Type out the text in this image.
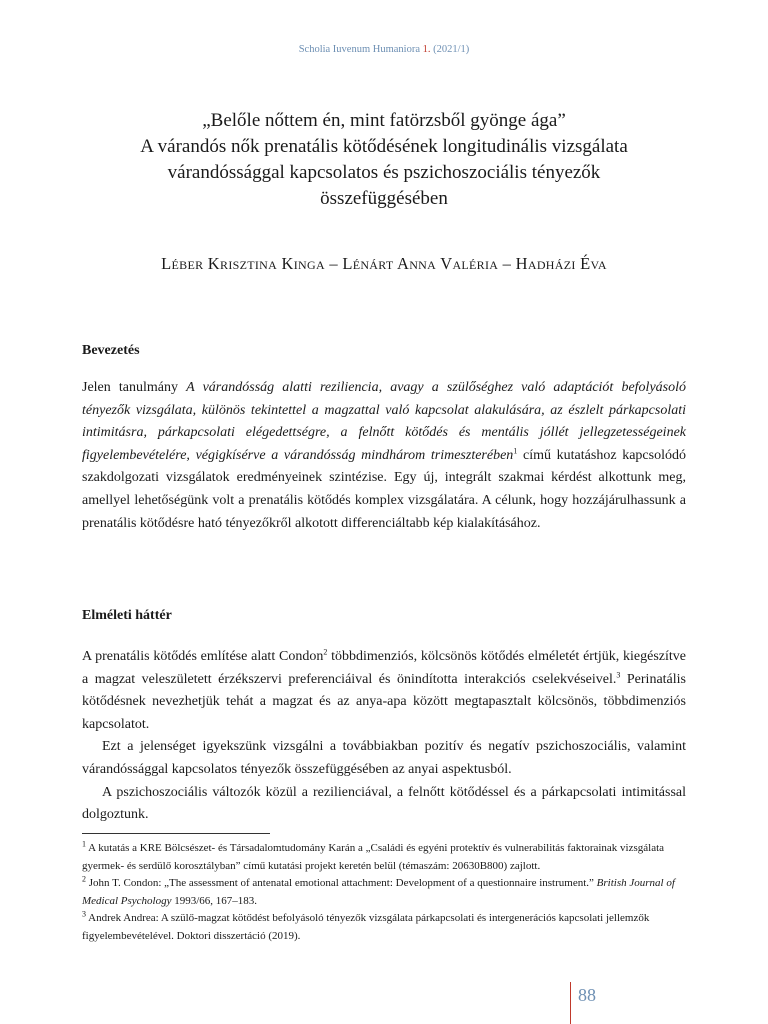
Scholia Iuvenum Humaniora 1. (2021/1)
„Belőle nőttem én, mint fatörzsből gyönge ága”
A várandós nők prenatális kötődésének longitudinális vizsgálata
várandóssággal kapcsolatos és pszichoszociális tényezők
összefüggésében
Léber Krisztina Kinga – Lénárt Anna Valéria – Hadházi Éva
Bevezetés

Jelen tanulmány A várandósság alatti reziliencia, avagy a szülőséghez való adaptációt befolyásoló tényezők vizsgálata, különös tekintettel a magzattal való kapcsolat alakulására, az észlelt párkapcsolati intimitásra, párkapcsolati elégedettségre, a felnőtt kötődés és mentális jóllét jellegzetességeinek figyelembevételére, végigkísérve a várandósság mindhárom trimeszterében$^1$ című kutatáshoz kapcsolódó szakdolgozati vizsgálatok eredményeinek szintézise. Egy új, integrált szakmai kérdést alkottunk meg, amellyel lehetőségünk volt a prenatális kötődés komplex vizsgálatára. A célunk, hogy hozzájárulhassunk a prenatális kötődésre ható tényezőkről alkotott differenciáltabb kép kialakításához.

Elméleti háttér

A prenatális kötődés említése alatt Condon$^2$ többdimenziós, kölcsönös kötődés elméletét értjük, kiegészítve a magzat veleszületett érzékszervi preferenciáival és önindította interakciós cselekvéseivel.$^3$ Perinatális kötődésnek nevezhetjük tehát a magzat és az anya-apa között megtapasztalt kölcsönös, többdimenziós kapcsolatot.

Ezt a jelenséget igyekszünk vizsgálni a továbbiakban pozitív és negatív pszichoszociális, valamint várandóssággal kapcsolatos tényezők összefüggésében az anyai aspektusból.

A pszichoszociális változók közül a rezilienciával, a felnőtt kötődéssel és a párkapcsolati intimitással dolgoztunk.

$^1$ A kutatás a KRE Bölcsészet- és Társadalomtudomány Karán a „Családi és egyéni protektív és vulnerabilitás faktorainak vizsgálata gyermek- és serdülő korosztályban” című kutatási projekt keretén belül (témaszám: 20630B800) zajlott.

$^2$ John T. Condon: „The assessment of antenatal emotional attachment: Development of a questionnaire instrument.” British Journal of Medical Psychology 1993/66, 167–183.

$^3$ Andrek Andrea: A szülő-magzat kötődést befolyásoló tényezők vizsgálata párkapcsolati és intergenerációs kapcsolati jellemzők figyelembevételével. Doktori disszertáció (2019).

88
